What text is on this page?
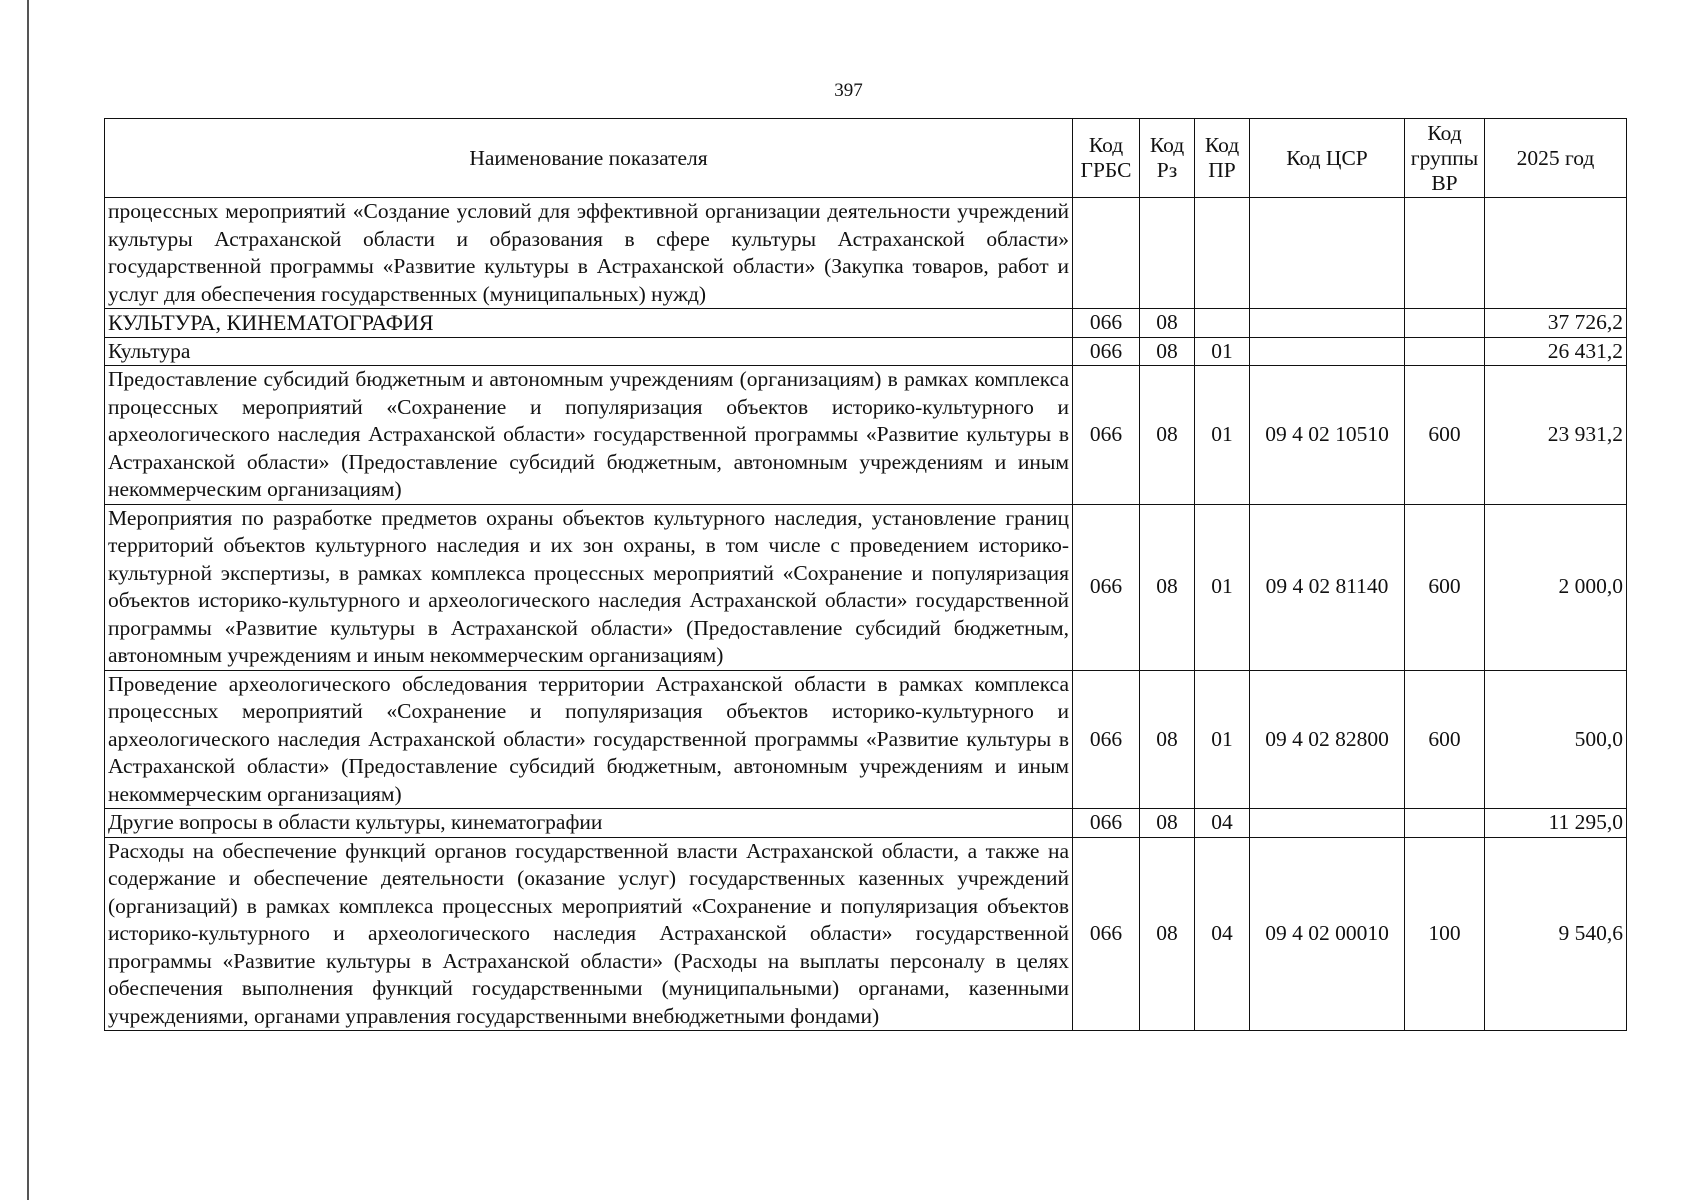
397
Наименование показателя	Код ГРБС	Код Рз	Код ПР	Код ЦСР	Код группы ВР	2025 год
процессных мероприятий «Создание условий для эффективной организации деятельности учреждений культуры Астраханской области и образования в сфере культуры Астраханской области» государственной программы «Развитие культуры в Астраханской области» (Закупка товаров, работ и услуг для обеспечения государственных (муниципальных) нужд)						
КУЛЬТУРА, КИНЕМАТОГРАФИЯ	066	08				37 726,2
Культура	066	08	01			26 431,2
Предоставление субсидий бюджетным и автономным учреждениям (организациям) в рамках комплекса процессных мероприятий «Сохранение и популяризация объектов историко-культурного и археологического наследия Астраханской области» государственной программы «Развитие культуры в Астраханской области» (Предоставление субсидий бюджетным, автономным учреждениям и иным некоммерческим организациям)	066	08	01	09 4 02 10510	600	23 931,2
Мероприятия по разработке предметов охраны объектов культурного наследия, установление границ территорий объектов культурного наследия и их зон охраны, в том числе с проведением историко-культурной экспертизы, в рамках комплекса процессных мероприятий «Сохранение и популяризация объектов историко-культурного и археологического наследия Астраханской области» государственной программы «Развитие культуры в Астраханской области» (Предоставление субсидий бюджетным, автономным учреждениям и иным некоммерческим организациям)	066	08	01	09 4 02 81140	600	2 000,0
Проведение археологического обследования территории Астраханской области в рамках комплекса процессных мероприятий «Сохранение и популяризация объектов историко-культурного и археологического наследия Астраханской области» государственной программы «Развитие культуры в Астраханской области» (Предоставление субсидий бюджетным, автономным учреждениям и иным некоммерческим организациям)	066	08	01	09 4 02 82800	600	500,0
Другие вопросы в области культуры, кинематографии	066	08	04			11 295,0
Расходы на обеспечение функций органов государственной власти Астраханской области, а также на содержание и обеспечение деятельности (оказание услуг) государственных казенных учреждений (организаций) в рамках комплекса процессных мероприятий «Сохранение и популяризация объектов историко-культурного и археологического наследия Астраханской области» государственной программы «Развитие культуры в Астраханской области» (Расходы на выплаты персоналу в целях обеспечения выполнения функций государственными (муниципальными) органами, казенными учреждениями, органами управления государственными внебюджетными фондами)	066	08	04	09 4 02 00010	100	9 540,6
